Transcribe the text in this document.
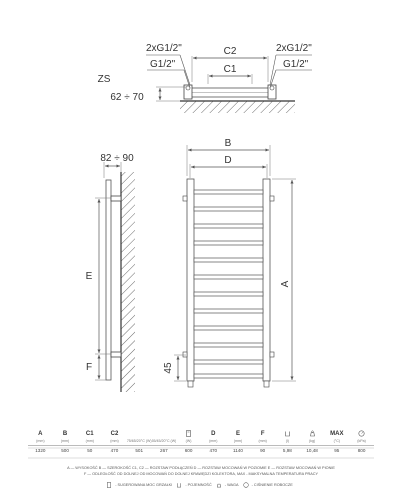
C2
C1
2xG1/2"
G1/2"
2xG1/2"
G1/2"
ZS
62 ÷ 70
82 ÷ 90
E
F
B
D
A
45
A	B	C1	C2				D	E	F			MAX	
(mm)	(mm)	(mm)	(mm)	75/65/20°C (W)	55/45/20°C (W)	(W)	(mm)	(mm)	(mm)	(l)	(kg)	(°C)	(kPa)
1320	500	50	470	501	267	600	470	1140	90	5,98	10,48	95	800
A — WYSOKOŚĆ B — SZEROKOŚĆ C1, C2 — ROZSTAW PODŁĄCZEŃ D — ROZSTAW MOCOWAŃ W POZIOMIE E — ROZSTAW MOCOWAŃ W PIONIE
F — ODLEGŁOŚĆ OD DOLNEJ OD MOCOWAŃ DO DOLNEJ KRAWĘDZI KOLEKTORA, MAX - MAKSYMALNA TEMPERATURA PRACY
- SUGEROWANA MOC GRZAŁKI	- POJEMNOŚĆ	- WAGA	- CIŚNIENIE ROBOCZE
